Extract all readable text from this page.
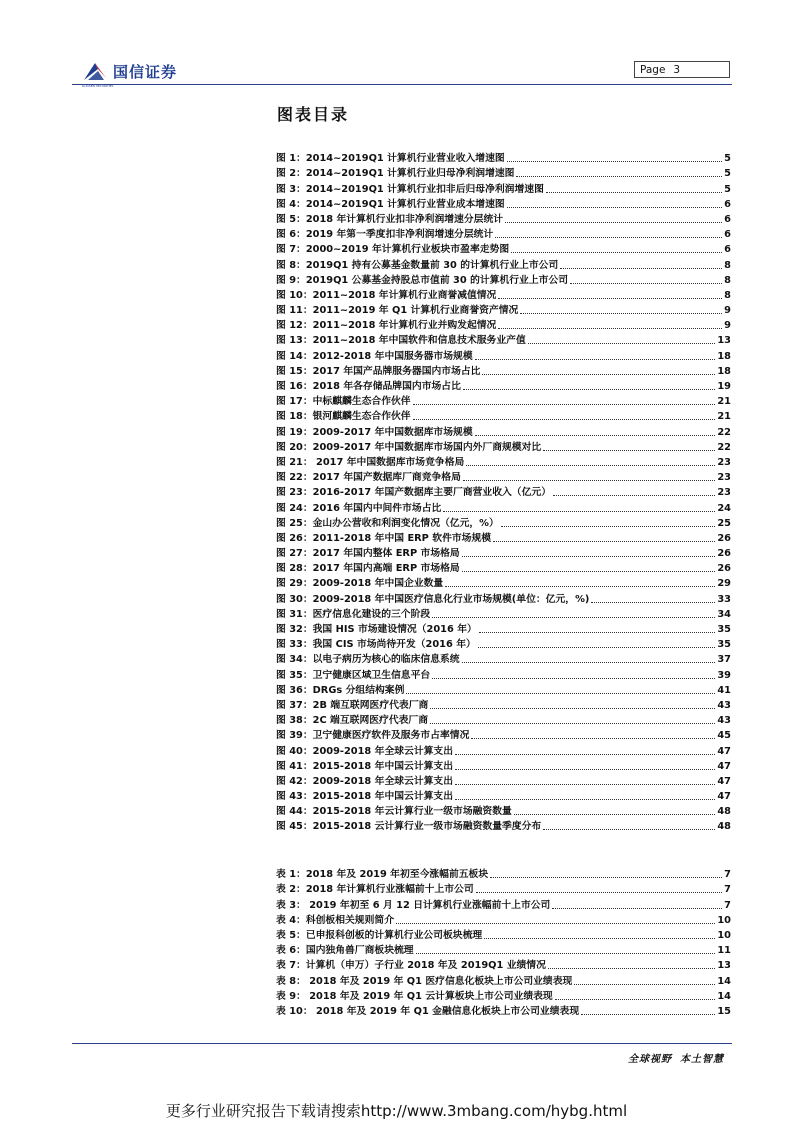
国信证券
GUOSEN SECURITIES
Page 3
图表目录
图 1：2014~2019Q1 计算机行业营业收入增速图	5
图 2：2014~2019Q1 计算机行业归母净利润增速图	5
图 3：2014~2019Q1 计算机行业扣非后归母净利润增速图	5
图 4：2014~2019Q1 计算机行业营业成本增速图	6
图 5：2018 年计算机行业扣非净利润增速分层统计	6
图 6：2019 年第一季度扣非净利润增速分层统计	6
图 7：2000~2019 年计算机行业板块市盈率走势图	6
图 8：2019Q1 持有公募基金数量前 30 的计算机行业上市公司	8
图 9：2019Q1 公募基金持股总市值前 30 的计算机行业上市公司	8
图 10：2011~2018 年计算机行业商誉减值情况	8
图 11：2011~2019 年 Q1 计算机行业商誉资产情况	9
图 12：2011~2018 年计算机行业并购发起情况	9
图 13：2011~2018 年中国软件和信息技术服务业产值	13
图 14：2012-2018 年中国服务器市场规模	18
图 15：2017 年国产品牌服务器国内市场占比	18
图 16：2018 年各存储品牌国内市场占比	19
图 17：中标麒麟生态合作伙伴	21
图 18：银河麒麟生态合作伙伴	21
图 19：2009-2017 年中国数据库市场规模	22
图 20：2009-2017 年中国数据库市场国内外厂商规模对比	22
图 21： 2017 年中国数据库市场竞争格局	23
图 22：2017 年国产数据库厂商竞争格局	23
图 23：2016-2017 年国产数据库主要厂商营业收入（亿元）	23
图 24：2016 年国内中间件市场占比	24
图 25：金山办公营收和利润变化情况（亿元，%）	25
图 26：2011-2018 年中国 ERP 软件市场规模	26
图 27：2017 年国内整体 ERP 市场格局	26
图 28：2017 年国内高端 ERP 市场格局	26
图 29：2009-2018 年中国企业数量	29
图 30：2009-2018 年中国医疗信息化行业市场规模(单位：亿元，%)	33
图 31：医疗信息化建设的三个阶段	34
图 32：我国 HIS 市场建设情况（2016 年）	35
图 33：我国 CIS 市场尚待开发（2016 年）	35
图 34：以电子病历为核心的临床信息系统	37
图 35：卫宁健康区域卫生信息平台	39
图 36：DRGs 分组结构案例	41
图 37：2B 端互联网医疗代表厂商	43
图 38：2C 端互联网医疗代表厂商	43
图 39：卫宁健康医疗软件及服务市占率情况	45
图 40：2009-2018 年全球云计算支出	47
图 41：2015-2018 年中国云计算支出	47
图 42：2009-2018 年全球云计算支出	47
图 43：2015-2018 年中国云计算支出	47
图 44：2015-2018 年云计算行业一级市场融资数量	48
图 45：2015-2018 云计算行业一级市场融资数量季度分布	48
表 1：2018 年及 2019 年初至今涨幅前五板块	7
表 2：2018 年计算机行业涨幅前十上市公司	7
表 3： 2019 年初至 6 月 12 日计算机行业涨幅前十上市公司	7
表 4：科创板相关规则简介	10
表 5：已申报科创板的计算机行业公司板块梳理	10
表 6：国内独角兽厂商板块梳理	11
表 7：计算机（申万）子行业 2018 年及 2019Q1 业绩情况	13
表 8： 2018 年及 2019 年 Q1 医疗信息化板块上市公司业绩表现	14
表 9： 2018 年及 2019 年 Q1 云计算板块上市公司业绩表现	14
表 10： 2018 年及 2019 年 Q1 金融信息化板块上市公司业绩表现	15
全球视野 本土智慧
更多行业研究报告下载请搜索http://www.3mbang.com/hybg.html
